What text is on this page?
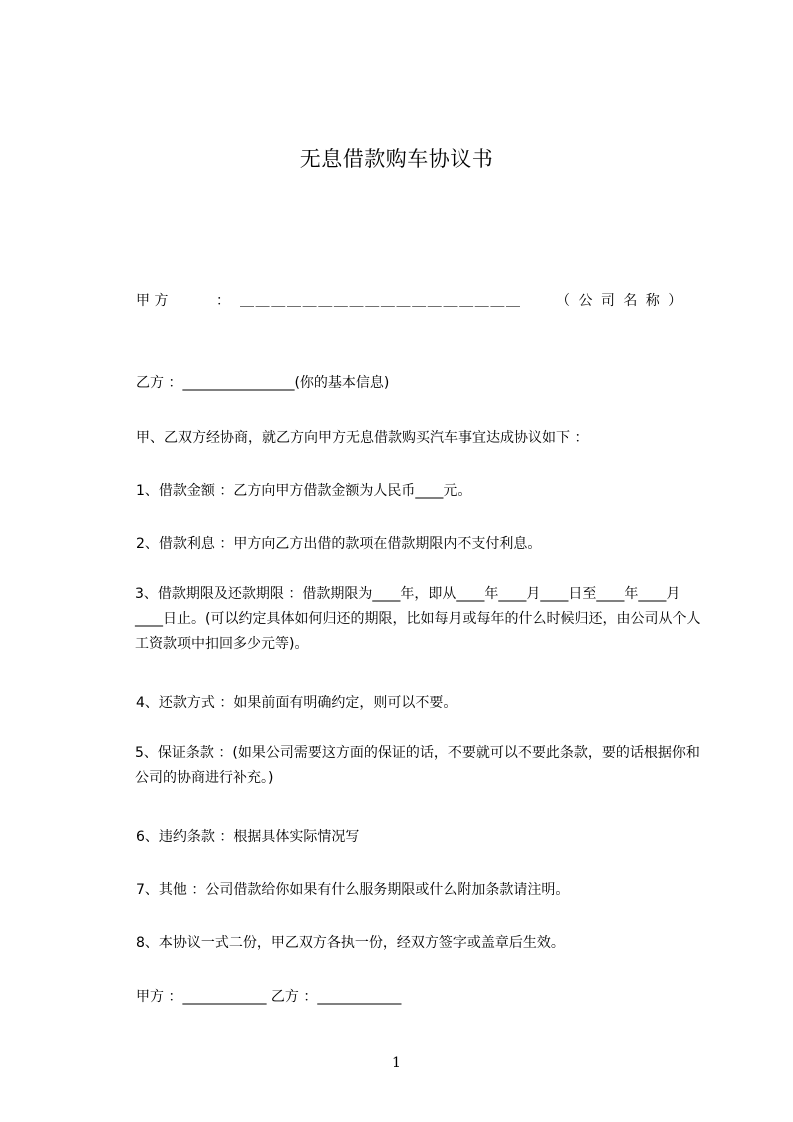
无息借款购车协议书
甲 方	： ＿ ＿ ＿ ＿ ＿ ＿ ＿ ＿ ＿ ＿ ＿ ＿ ＿ ＿ ＿ ＿ ＿ ＿	（ 公 司 名 称 ）
乙方 ：________________(你的基本信息)
甲、乙双方经协商，就乙方向甲方无息借款购买汽车事宜达成协议如下 ：
1、借款金额 ：乙方向甲方借款金额为人民币____元。
2、借款利息 ：甲方向乙方出借的款项在借款期限内不支付利息。
3、借款期限及还款期限 ：借款期限为____年，即从____年____月____日至____年____月____日止。(可以约定具体如何归还的期限，比如每月或每年的什么时候归还，由公司从个人工资款项中扣回多少元等)。
4、还款方式 ：如果前面有明确约定，则可以不要。
5、保证条款 ：(如果公司需要这方面的保证的话，不要就可以不要此条款，要的话根据你和公司的协商进行补充。)
6、违约条款 ：根据具体实际情况写
7、其他 ：公司借款给你如果有什么服务期限或什么附加条款请注明。
8、本协议一式二份，甲乙双方各执一份，经双方签字或盖章后生效。
甲方 ：____________ 乙方 ：____________
1
